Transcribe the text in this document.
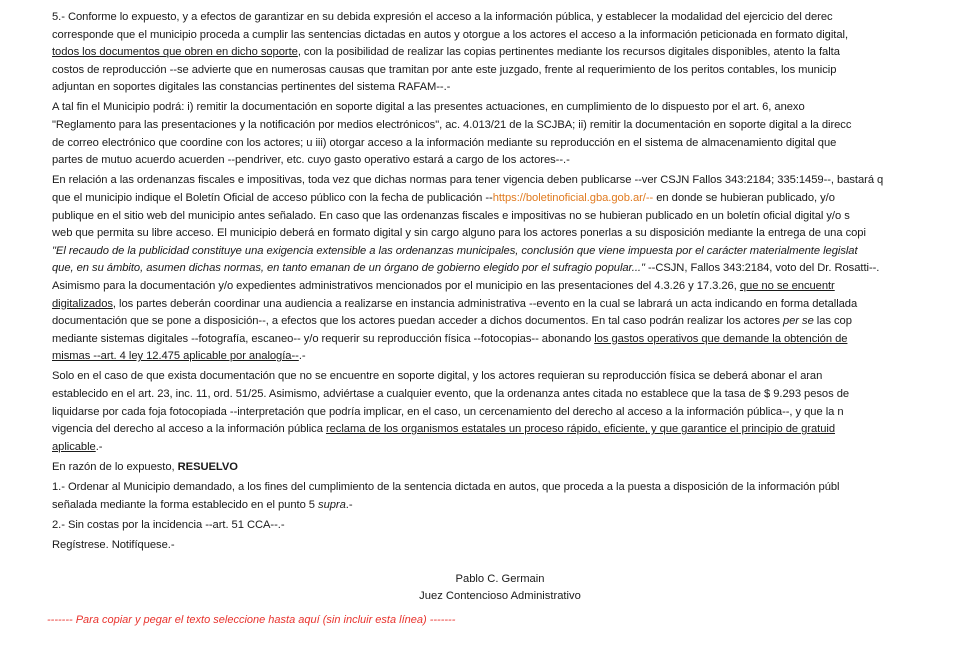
5.- Conforme lo expuesto, y a efectos de garantizar en su debida expresión el acceso a la información pública, y establecer la modalidad del ejercicio del derec
corresponde que el municipio proceda a cumplir las sentencias dictadas en autos y otorgue a los actores el acceso a la información peticionada en formato digital,
todos los documentos que obren en dicho soporte, con la posibilidad de realizar las copias pertinentes mediante los recursos digitales disponibles, atento la falta
costos de reproducción --se advierte que en numerosas causas que tramitan por ante este juzgado, frente al requerimiento de los peritos contables, los municip
adjuntan en soportes digitales las constancias pertinentes del sistema RAFAM--.-
A tal fin el Municipio podrá: i) remitir la documentación en soporte digital a las presentes actuaciones, en cumplimiento de lo dispuesto por el art. 6, anexo
"Reglamento para las presentaciones y la notificación por medios electrónicos", ac. 4.013/21 de la SCJBA; ii) remitir la documentación en soporte digital a la direcc
de correo electrónico que coordine con los actores; u iii) otorgar acceso a la información mediante su reproducción en el sistema de almacenamiento digital que
partes de mutuo acuerdo acuerden --pendriver, etc. cuyo gasto operativo estará a cargo de los actores--.-
En relación a las ordenanzas fiscales e impositivas, toda vez que dichas normas para tener vigencia deben publicarse --ver CSJN Fallos 343:2184; 335:1459--, bastará q
que el municipio indique el Boletín Oficial de acceso público con la fecha de publicación --https://boletinoficial.gba.gob.ar/-- en donde se hubieran publicado, y/o
publique en el sitio web del municipio antes señalado. En caso que las ordenanzas fiscales e impositivas no se hubieran publicado en un boletín oficial digital y/o s
web que permita su libre acceso. El municipio deberá en formato digital y sin cargo alguno para los actores ponerlas a su disposición mediante la entrega de una copi
"El recaudo de la publicidad constituye una exigencia extensible a las ordenanzas municipales, conclusión que viene impuesta por el carácter materialmente legislat
que, en su ámbito, asumen dichas normas, en tanto emanan de un órgano de gobierno elegido por el sufragio popular..." --CSJN, Fallos 343:2184, voto del Dr. Rosatti--.
Asimismo para la documentación y/o expedientes administrativos mencionados por el municipio en las presentaciones del 4.3.26 y 17.3.26, que no se encuentr
digitalizados, los partes deberán coordinar una audiencia a realizarse en instancia administrativa --evento en la cual se labrará un acta indicando en forma detallada
documentación que se pone a disposición--, a efectos que los actores puedan acceder a dichos documentos. En tal caso podrán realizar los actores per se las cop
mediante sistemas digitales --fotografía, escaneo-- y/o requerir su reproducción física --fotocopias-- abonando los gastos operativos que demande la obtención de
mismas --art. 4 ley 12.475 aplicable por analogía--.-
Solo en el caso de que exista documentación que no se encuentre en soporte digital, y los actores requieran su reproducción física se deberá abonar el aran
establecido en el art. 23, inc. 11, ord. 51/25. Asimismo, adviértase a cualquier evento, que la ordenanza antes citada no establece que la tasa de $ 9.293 pesos de
liquidarse por cada foja fotocopiada --interpretación que podría implicar, en el caso, un cercenamiento del derecho al acceso a la información pública--, y que la n
vigencia del derecho al acceso a la información pública reclama de los organismos estatales un proceso rápido, eficiente, y que garantice el principio de gratuid
aplicable.-
En razón de lo expuesto, RESUELVO
1.- Ordenar al Municipio demandado, a los fines del cumplimiento de la sentencia dictada en autos, que proceda a la puesta a disposición de la información públ
señalada mediante la forma establecido en el punto 5 supra.-
2.- Sin costas por la incidencia --art. 51 CCA--.-
Regístrese. Notifíquese.-
Pablo C. Germain
Juez Contencioso Administrativo
------- Para copiar y pegar el texto seleccione hasta aquí (sin incluir esta línea) -------
